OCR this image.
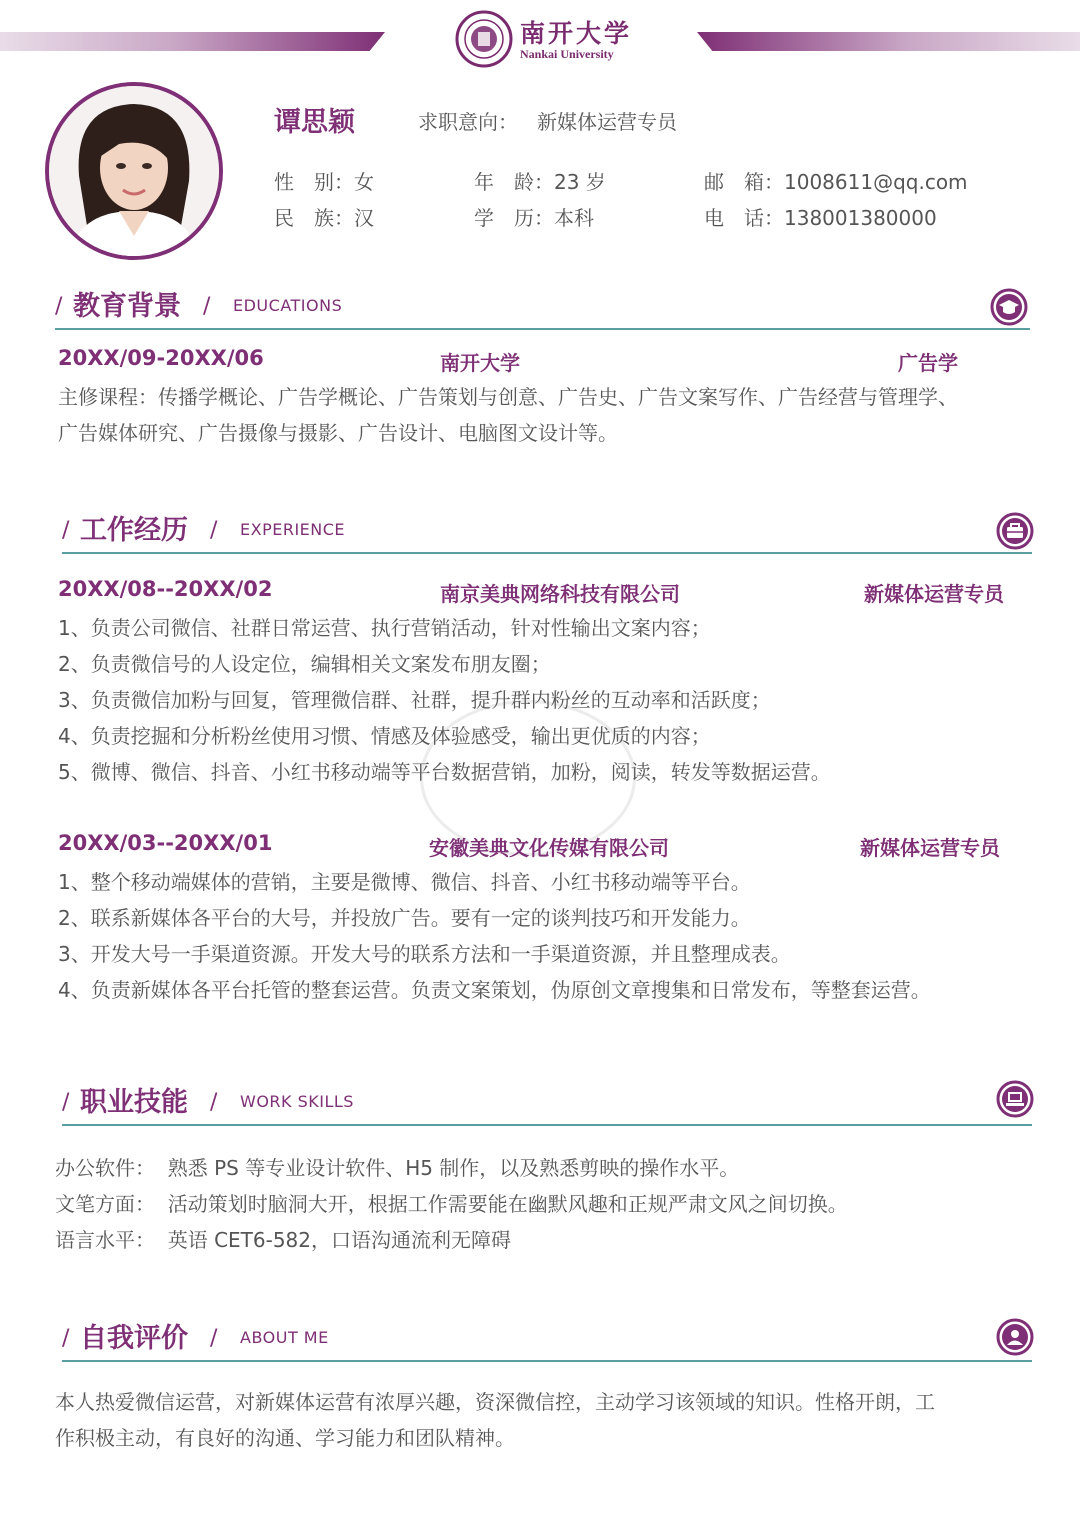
南开大学
Nankai University
谭思颖	求职意向： 新媒体运营专员
性　别：女	年　龄：23 岁	邮　箱：1008611@qq.com
民　族：汉	学　历：本科	电　话：138001380000
/ 教育背景 / EDUCATIONS
20XX/09-20XX/06	南开大学	广告学
主修课程：传播学概论、广告学概论、广告策划与创意、广告史、广告文案写作、广告经营与管理学、
广告媒体研究、广告摄像与摄影、广告设计、电脑图文设计等。
/ 工作经历 / EXPERIENCE
20XX/08--20XX/02	南京美典网络科技有限公司	新媒体运营专员
1、负责公司微信、社群日常运营、执行营销活动，针对性输出文案内容；
2、负责微信号的人设定位，编辑相关文案发布朋友圈；
3、负责微信加粉与回复，管理微信群、社群，提升群内粉丝的互动率和活跃度；
4、负责挖掘和分析粉丝使用习惯、情感及体验感受，输出更优质的内容；
5、微博、微信、抖音、小红书移动端等平台数据营销，加粉，阅读，转发等数据运营。
20XX/03--20XX/01	安徽美典文化传媒有限公司	新媒体运营专员
1、整个移动端媒体的营销，主要是微博、微信、抖音、小红书移动端等平台。
2、联系新媒体各平台的大号，并投放广告。要有一定的谈判技巧和开发能力。
3、开发大号一手渠道资源。开发大号的联系方法和一手渠道资源，并且整理成表。
4、负责新媒体各平台托管的整套运营。负责文案策划，伪原创文章搜集和日常发布，等整套运营。
/ 职业技能 / WORK SKILLS
办公软件： 熟悉 PS 等专业设计软件、H5 制作，以及熟悉剪映的操作水平。
文笔方面： 活动策划时脑洞大开，根据工作需要能在幽默风趣和正规严肃文风之间切换。
语言水平： 英语 CET6-582，口语沟通流利无障碍
/ 自我评价 / ABOUT ME
本人热爱微信运营，对新媒体运营有浓厚兴趣，资深微信控，主动学习该领域的知识。性格开朗，工
作积极主动，有良好的沟通、学习能力和团队精神。
